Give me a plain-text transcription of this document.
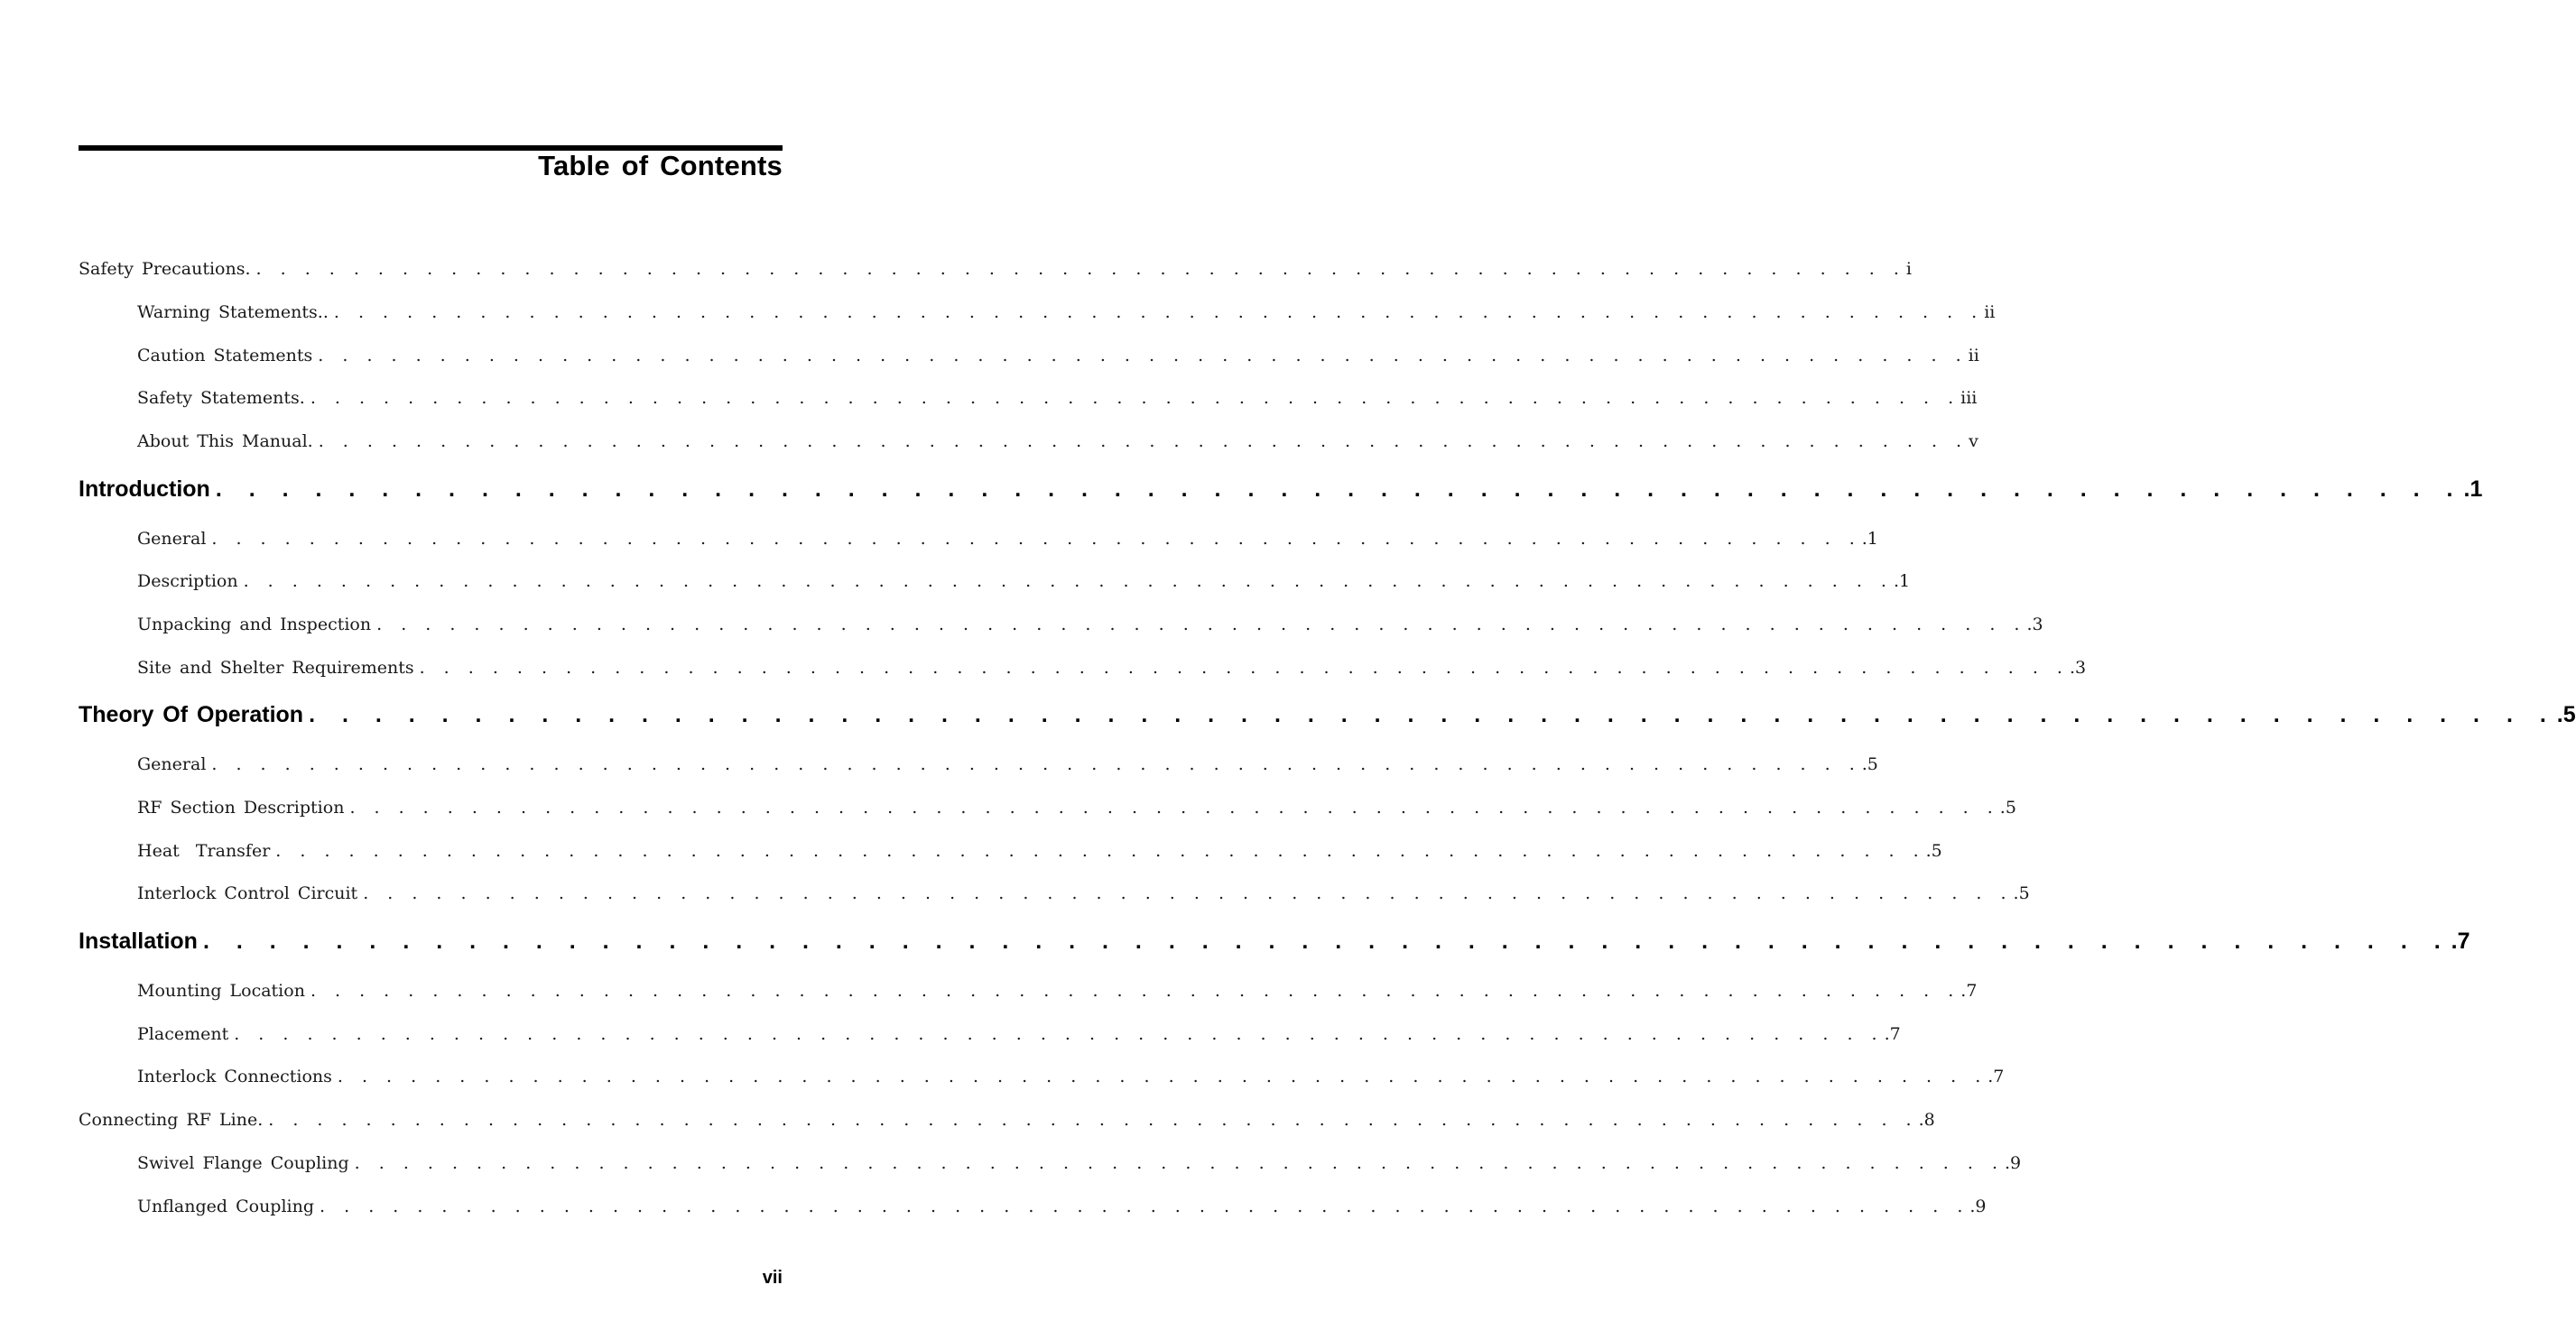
Table of Contents
Safety Precautions. . . . . . . . . . . . . . . . . . . . . . . . . . . . . . . . . . . . . . . . . . . . . . . . . . . . . . . . . . . . . . . . . . . . . i
Warning Statements.. . . . . . . . . . . . . . . . . . . . . . . . . . . . . . . . . . . . . . . . . . . . . . . . . . . . . . . . . . . . . . . . . . . . . ii
Caution Statements . . . . . . . . . . . . . . . . . . . . . . . . . . . . . . . . . . . . . . . . . . . . . . . . . . . . . . . . . . . . . . . . . . . . ii
Safety Statements. . . . . . . . . . . . . . . . . . . . . . . . . . . . . . . . . . . . . . . . . . . . . . . . . . . . . . . . . . . . . . . . . . . . . iii
About This Manual. . . . . . . . . . . . . . . . . . . . . . . . . . . . . . . . . . . . . . . . . . . . . . . . . . . . . . . . . . . . . . . . . . . . . v
Introduction . . . . . . . . . . . . . . . . . . . . . . . . . . . . . . . . . . . . . . . . . . . . . . . . . . . . . . . . . . . . . . . . . . . . .1
General . . . . . . . . . . . . . . . . . . . . . . . . . . . . . . . . . . . . . . . . . . . . . . . . . . . . . . . . . . . . . . . . . . . . .1
Description . . . . . . . . . . . . . . . . . . . . . . . . . . . . . . . . . . . . . . . . . . . . . . . . . . . . . . . . . . . . . . . . . . . . .1
Unpacking and Inspection . . . . . . . . . . . . . . . . . . . . . . . . . . . . . . . . . . . . . . . . . . . . . . . . . . . . . . . . . . . . . . . . . . . . .3
Site and Shelter Requirements . . . . . . . . . . . . . . . . . . . . . . . . . . . . . . . . . . . . . . . . . . . . . . . . . . . . . . . . . . . . . . . . . . . . .3
Theory Of Operation . . . . . . . . . . . . . . . . . . . . . . . . . . . . . . . . . . . . . . . . . . . . . . . . . . . . . . . . . . . . . . . . . . . . .5
General . . . . . . . . . . . . . . . . . . . . . . . . . . . . . . . . . . . . . . . . . . . . . . . . . . . . . . . . . . . . . . . . . . . . .5
RF Section Description . . . . . . . . . . . . . . . . . . . . . . . . . . . . . . . . . . . . . . . . . . . . . . . . . . . . . . . . . . . . . . . . . . . . .5
Heat  Transfer . . . . . . . . . . . . . . . . . . . . . . . . . . . . . . . . . . . . . . . . . . . . . . . . . . . . . . . . . . . . . . . . . . . . .5
Interlock Control Circuit . . . . . . . . . . . . . . . . . . . . . . . . . . . . . . . . . . . . . . . . . . . . . . . . . . . . . . . . . . . . . . . . . . . . .5
Installation . . . . . . . . . . . . . . . . . . . . . . . . . . . . . . . . . . . . . . . . . . . . . . . . . . . . . . . . . . . . . . . . . . . . .7
Mounting Location . . . . . . . . . . . . . . . . . . . . . . . . . . . . . . . . . . . . . . . . . . . . . . . . . . . . . . . . . . . . . . . . . . . . .7
Placement . . . . . . . . . . . . . . . . . . . . . . . . . . . . . . . . . . . . . . . . . . . . . . . . . . . . . . . . . . . . . . . . . . . . .7
Interlock Connections . . . . . . . . . . . . . . . . . . . . . . . . . . . . . . . . . . . . . . . . . . . . . . . . . . . . . . . . . . . . . . . . . . . . .7
Connecting RF Line. . . . . . . . . . . . . . . . . . . . . . . . . . . . . . . . . . . . . . . . . . . . . . . . . . . . . . . . . . . . . . . . . . . . . .8
Swivel Flange Coupling . . . . . . . . . . . . . . . . . . . . . . . . . . . . . . . . . . . . . . . . . . . . . . . . . . . . . . . . . . . . . . . . . . . . .9
Unflanged Coupling . . . . . . . . . . . . . . . . . . . . . . . . . . . . . . . . . . . . . . . . . . . . . . . . . . . . . . . . . . . . . . . . . . . . .9
vii
